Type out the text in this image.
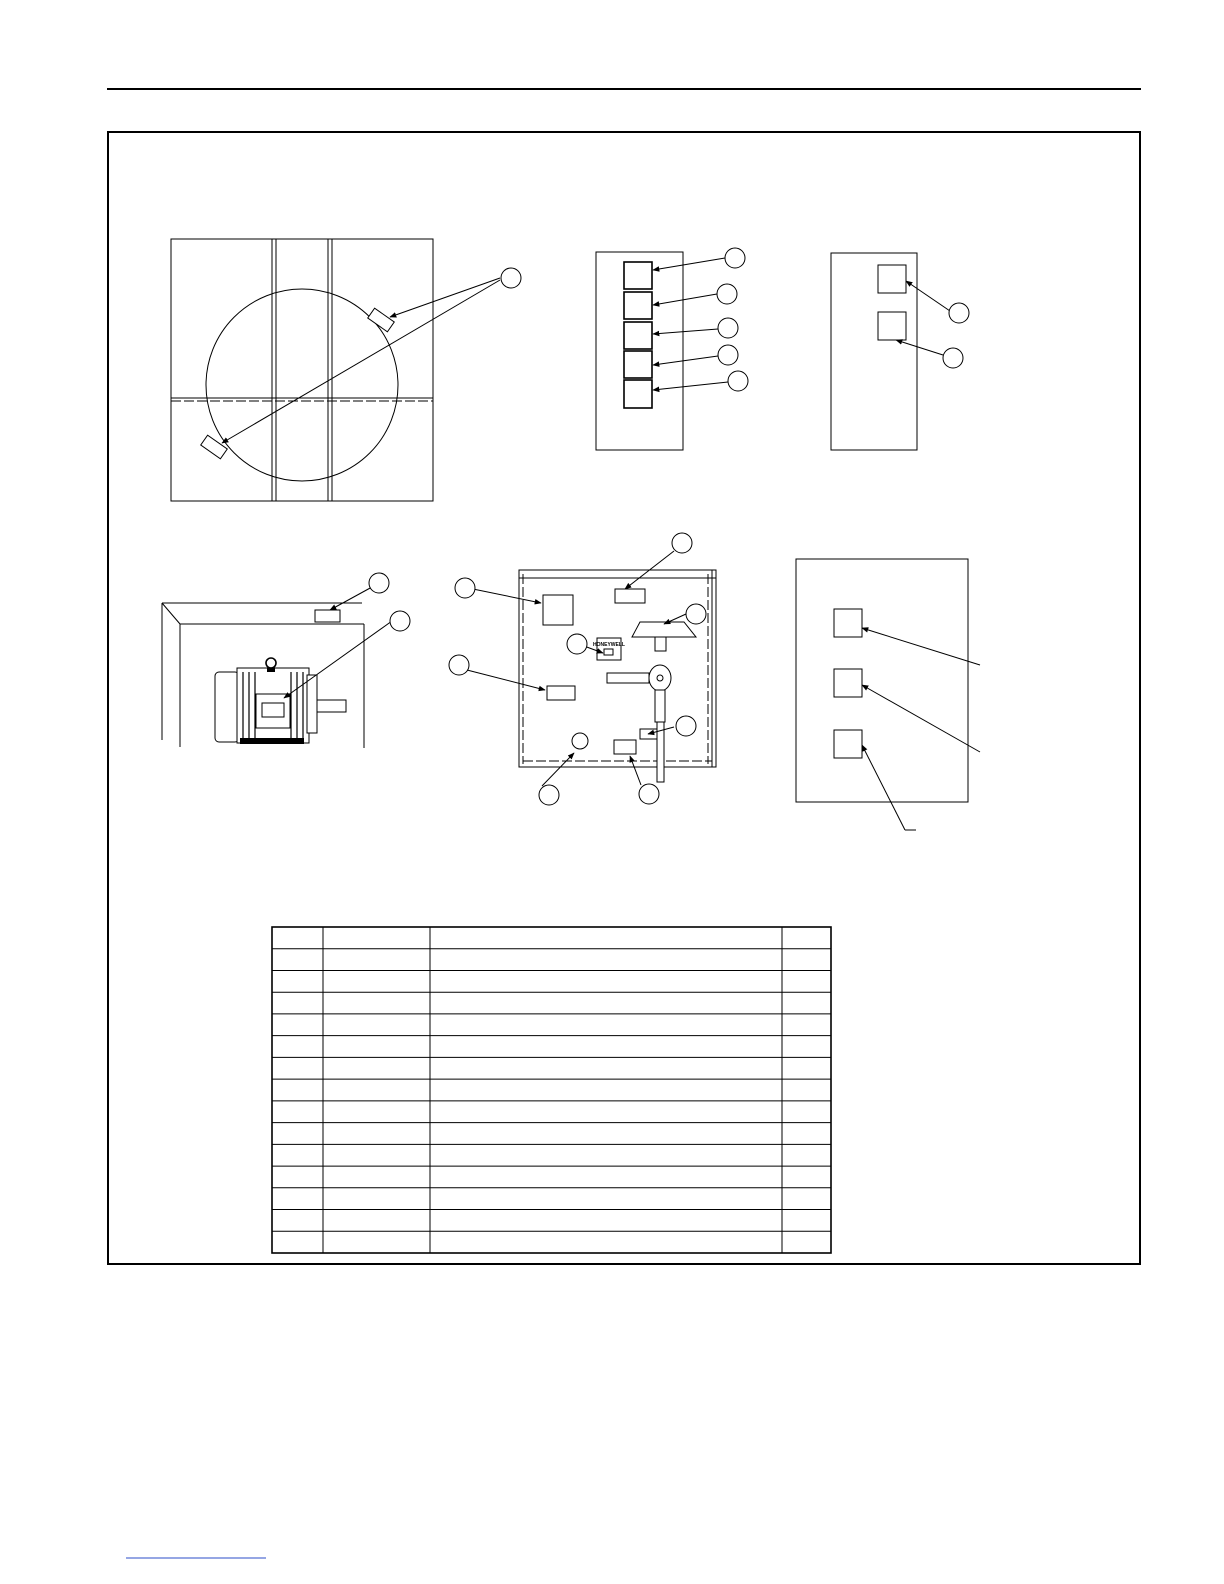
HONEYWELL
